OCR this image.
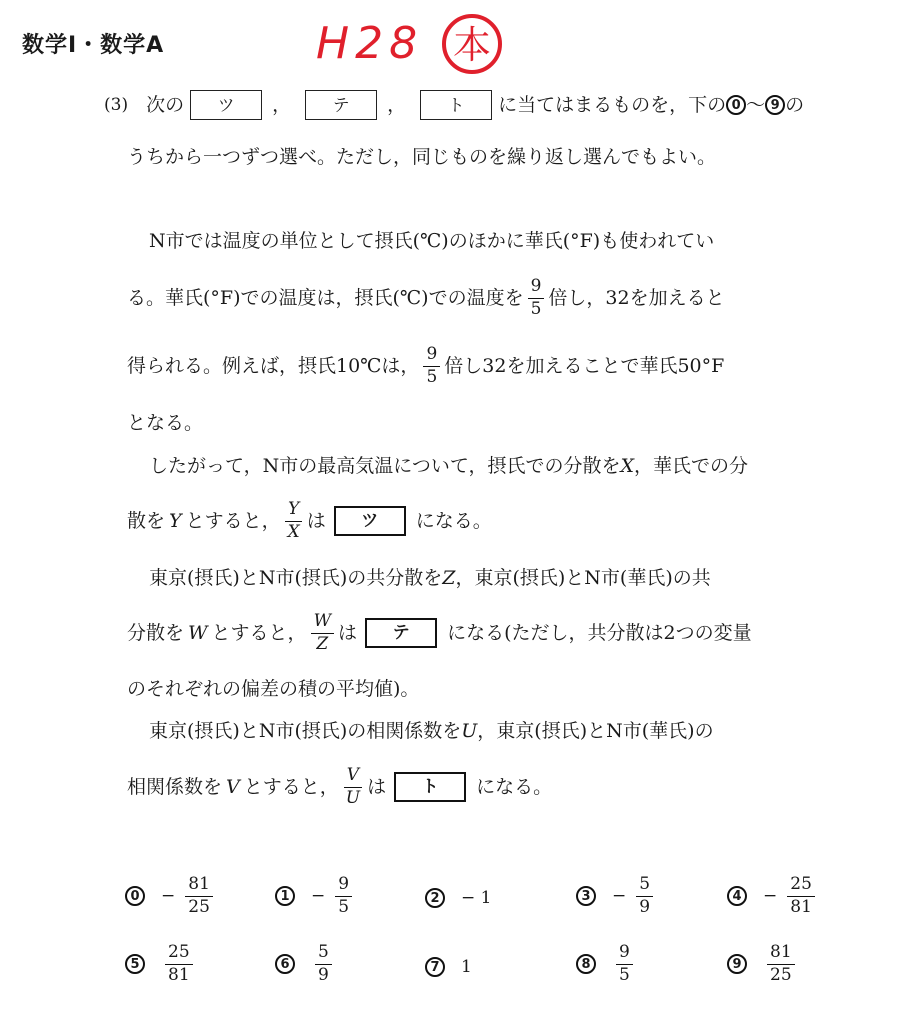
数学Ⅰ・数学A	H28 本
(3) 次の	ツ	，	テ	，	ト	に当てはまるものを，下の 0 ～ 9 の
うちから一つずつ選べ。ただし，同じものを繰り返し選んでもよい。
N市では温度の単位として摂氏(℃)のほかに華氏(°F)も使われてい
る。華氏(°F)での温度は，摂氏(℃)での温度を $\frac{9}{5}$ 倍し，32を加えると
得られる。例えば，摂氏10℃は， $\frac{9}{5}$ 倍し32を加えることで華氏50°F
となる。
したがって，N市の最高気温について，摂氏での分散を X ，華氏での分
散を Y とすると， $\frac{Y}{X}$ は	ツ	になる。
東京(摂氏)とN市(摂氏)の共分散を Z ，東京(摂氏)とN市(華氏)の共
分散を W とすると， $\frac{W}{Z}$ は	テ	になる(ただし，共分散は2つの変量
のそれぞれの偏差の積の平均値)。
東京(摂氏)とN市(摂氏)の相関係数を U ，東京(摂氏)とN市(華氏)の
相関係数を V とすると， $\frac{V}{U}$ は	ト	になる。
0	− $\frac{81}{25}$	1	− $\frac{9}{5}$	2	− 1	3	− $\frac{5}{9}$	4	− $\frac{25}{81}$
5	$\frac{25}{81}$	6	$\frac{5}{9}$	7	1	8	$\frac{9}{5}$	9	$\frac{81}{25}$
